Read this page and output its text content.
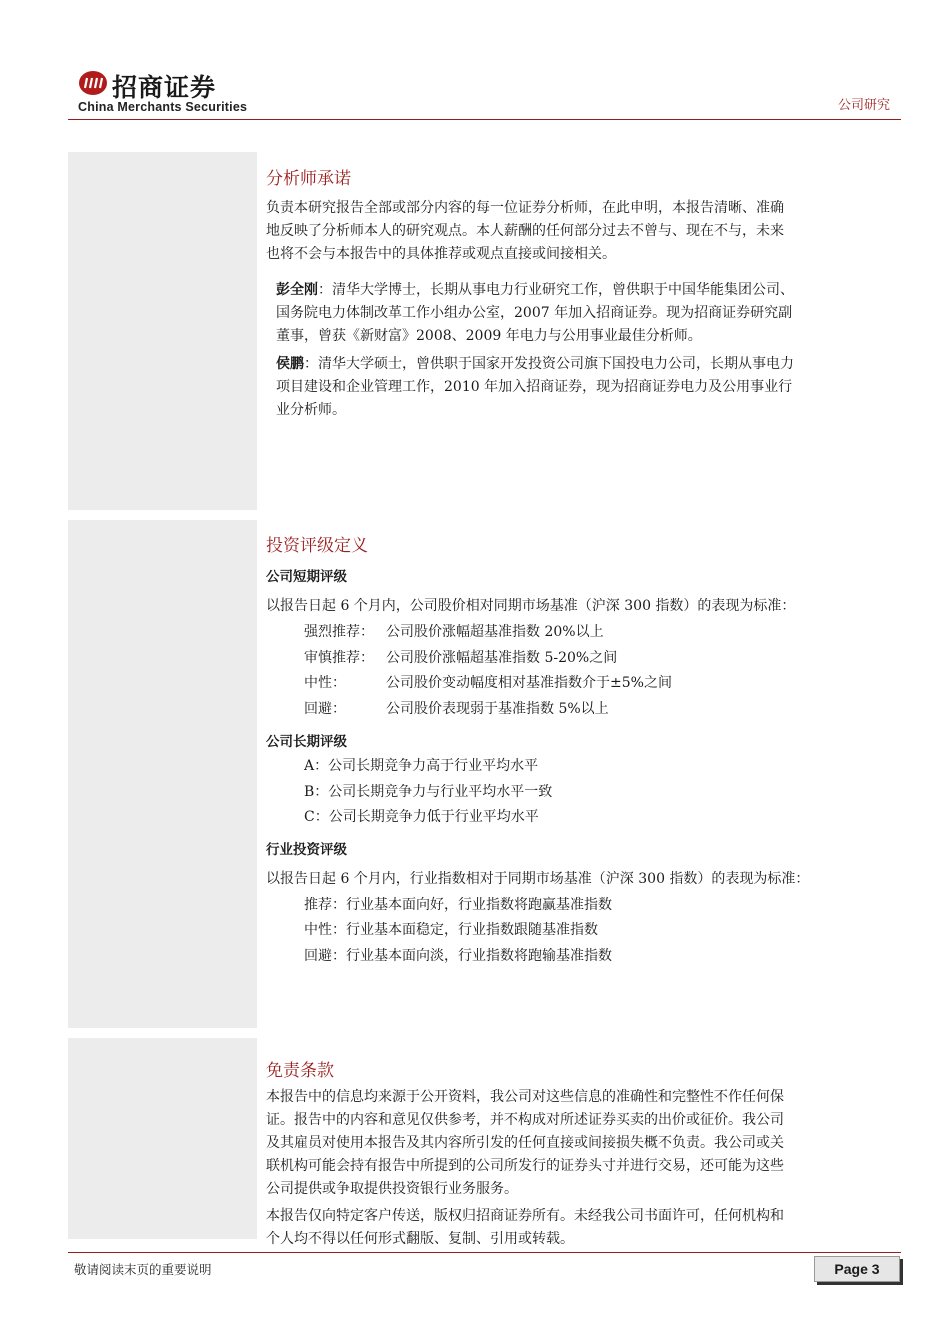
招商证券
China Merchants Securities	公司研究
分析师承诺
负责本研究报告全部或部分内容的每一位证券分析师，在此申明，本报告清晰、准确
地反映了分析师本人的研究观点。本人薪酬的任何部分过去不曾与、现在不与，未来
也将不会与本报告中的具体推荐或观点直接或间接相关。
彭全刚：清华大学博士，长期从事电力行业研究工作，曾供职于中国华能集团公司、
国务院电力体制改革工作小组办公室，2007 年加入招商证券。现为招商证券研究副
董事，曾获《新财富》2008、2009 年电力与公用事业最佳分析师。
侯鹏：清华大学硕士，曾供职于国家开发投资公司旗下国投电力公司，长期从事电力
项目建设和企业管理工作，2010 年加入招商证券，现为招商证券电力及公用事业行
业分析师。
投资评级定义
公司短期评级
以报告日起 6 个月内，公司股价相对同期市场基准（沪深 300 指数）的表现为标准：
强烈推荐： 公司股价涨幅超基准指数 20%以上
审慎推荐： 公司股价涨幅超基准指数 5-20%之间
中性：	公司股价变动幅度相对基准指数介于±5%之间
回避：	公司股价表现弱于基准指数 5%以上
公司长期评级
A：公司长期竞争力高于行业平均水平
B：公司长期竞争力与行业平均水平一致
C：公司长期竞争力低于行业平均水平
行业投资评级
以报告日起 6 个月内，行业指数相对于同期市场基准（沪深 300 指数）的表现为标准：
推荐：行业基本面向好，行业指数将跑赢基准指数
中性：行业基本面稳定，行业指数跟随基准指数
回避：行业基本面向淡，行业指数将跑输基准指数
免责条款
本报告中的信息均来源于公开资料，我公司对这些信息的准确性和完整性不作任何保
证。报告中的内容和意见仅供参考，并不构成对所述证券买卖的出价或征价。我公司
及其雇员对使用本报告及其内容所引发的任何直接或间接损失概不负责。我公司或关
联机构可能会持有报告中所提到的公司所发行的证券头寸并进行交易，还可能为这些
公司提供或争取提供投资银行业务服务。
本报告仅向特定客户传送，版权归招商证券所有。未经我公司书面许可，任何机构和
个人均不得以任何形式翻版、复制、引用或转载。
敬请阅读末页的重要说明	Page 3
